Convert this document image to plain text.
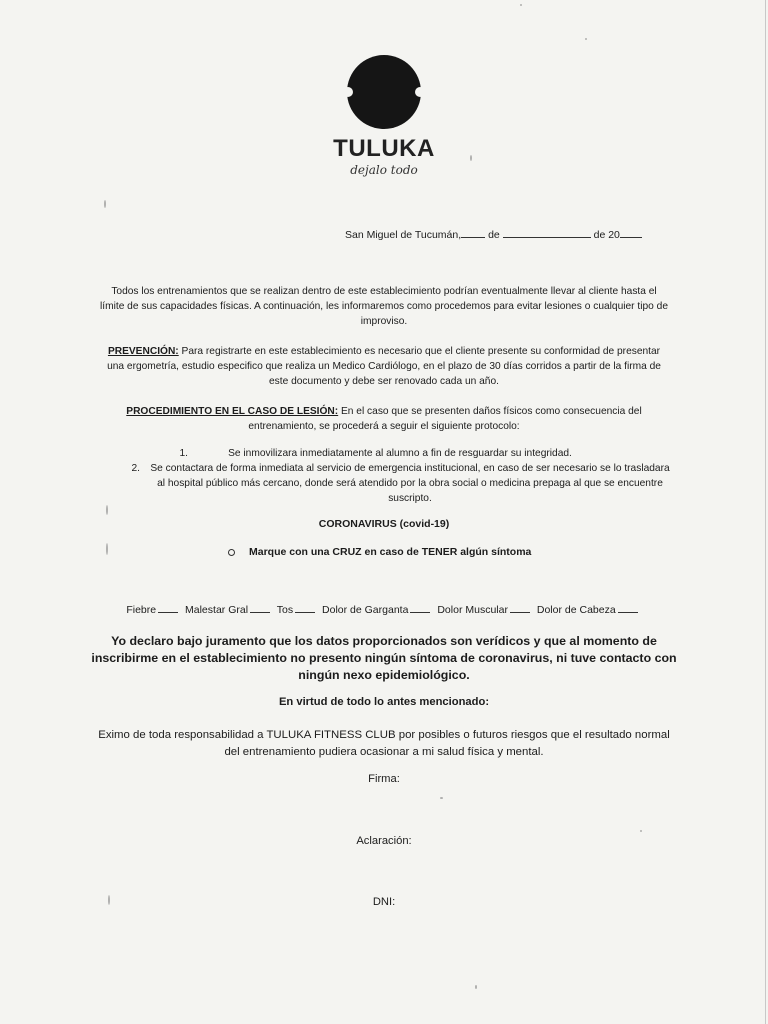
TULUKA
dejalo todo
San Miguel de Tucumán,	de	de 20
Todos los entrenamientos que se realizan dentro de este establecimiento podrían eventualmente llevar al cliente hasta el límite de sus capacidades físicas. A continuación, les informaremos como procedemos para evitar lesiones o cualquier tipo de improviso.
PREVENCIÓN: Para registrarte en este establecimiento es necesario que el cliente presente su conformidad de presentar una ergometría, estudio especifico que realiza un Medico Cardiólogo, en el plazo de 30 días corridos a partir de la firma de este documento y debe ser renovado cada un año.
PROCEDIMIENTO EN EL CASO DE LESIÓN: En el caso que se presenten daños físicos como consecuencia del entrenamiento, se procederá a seguir el siguiente protocolo:
1.	Se inmovilizara inmediatamente al alumno a fin de resguardar su integridad.
2. Se contactara de forma inmediata al servicio de emergencia institucional, en caso de ser necesario se lo trasladara al hospital público más cercano, donde será atendido por la obra social o medicina prepaga al que se encuentre suscripto.
CORONAVIRUS (covid-19)
Marque con una CRUZ en caso de TENER algún síntoma
Fiebre	Malestar Gral	Tos	Dolor de Garganta	Dolor Muscular	Dolor de Cabeza
Yo declaro bajo juramento que los datos proporcionados son verídicos y que al momento de inscribirme en el establecimiento no presento ningún síntoma de coronavirus, ni tuve contacto con ningún nexo epidemiológico.
En virtud de todo lo antes mencionado:
Eximo de toda responsabilidad a TULUKA FITNESS CLUB por posibles o futuros riesgos que el resultado normal del entrenamiento pudiera ocasionar a mi salud física y mental.
Firma:
Aclaración:
DNI:
